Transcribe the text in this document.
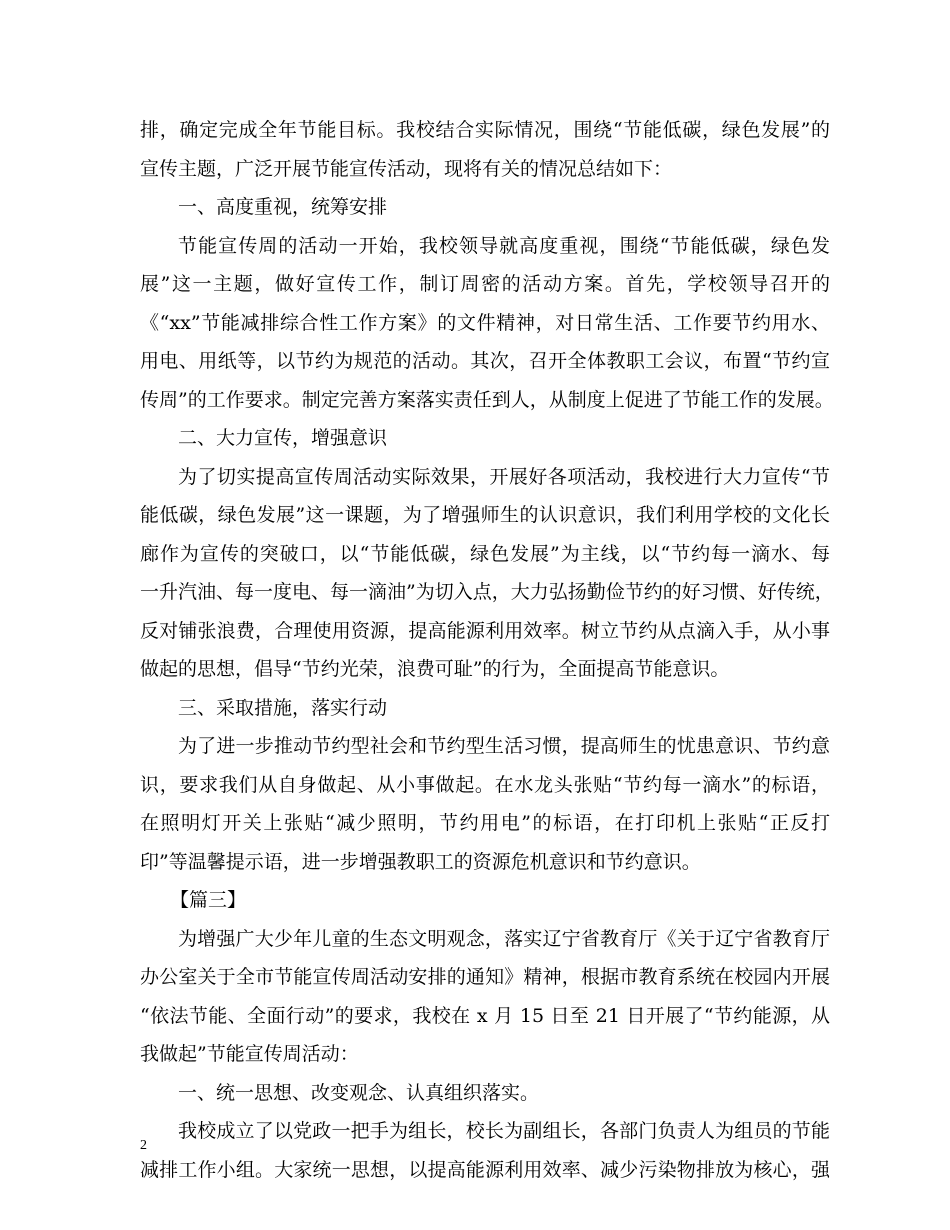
排，确定完成全年节能目标。我校结合实际情况，围绕“节能低碳，绿色发展”的
宣传主题，广泛开展节能宣传活动，现将有关的情况总结如下：
一、高度重视，统筹安排
节能宣传周的活动一开始，我校领导就高度重视，围绕“节能低碳，绿色发
展”这一主题，做好宣传工作，制订周密的活动方案。首先，学校领导召开的
《“xx”节能减排综合性工作方案》的文件精神，对日常生活、工作要节约用水、
用电、用纸等，以节约为规范的活动。其次，召开全体教职工会议，布置“节约宣
传周”的工作要求。制定完善方案落实责任到人，从制度上促进了节能工作的发展。
二、大力宣传，增强意识
为了切实提高宣传周活动实际效果，开展好各项活动，我校进行大力宣传“节
能低碳，绿色发展”这一课题，为了增强师生的认识意识，我们利用学校的文化长
廊作为宣传的突破口，以“节能低碳，绿色发展”为主线，以“节约每一滴水、每
一升汽油、每一度电、每一滴油”为切入点，大力弘扬勤俭节约的好习惯、好传统，
反对铺张浪费，合理使用资源，提高能源利用效率。树立节约从点滴入手，从小事
做起的思想，倡导“节约光荣，浪费可耻”的行为，全面提高节能意识。
三、采取措施，落实行动
为了进一步推动节约型社会和节约型生活习惯，提高师生的忧患意识、节约意
识，要求我们从自身做起、从小事做起。在水龙头张贴“节约每一滴水”的标语，
在照明灯开关上张贴“减少照明，节约用电”的标语，在打印机上张贴“正反打
印”等温馨提示语，进一步增强教职工的资源危机意识和节约意识。
【篇三】
为增强广大少年儿童的生态文明观念，落实辽宁省教育厅《关于辽宁省教育厅
办公室关于全市节能宣传周活动安排的通知》精神，根据市教育系统在校园内开展
“依法节能、全面行动”的要求，我校在 x 月 15 日至 21 日开展了“节约能源，从
我做起”节能宣传周活动：
一、统一思想、改变观念、认真组织落实。
我校成立了以党政一把手为组长，校长为副组长，各部门负责人为组员的节能
减排工作小组。大家统一思想，以提高能源利用效率、减少污染物排放为核心，强
2
